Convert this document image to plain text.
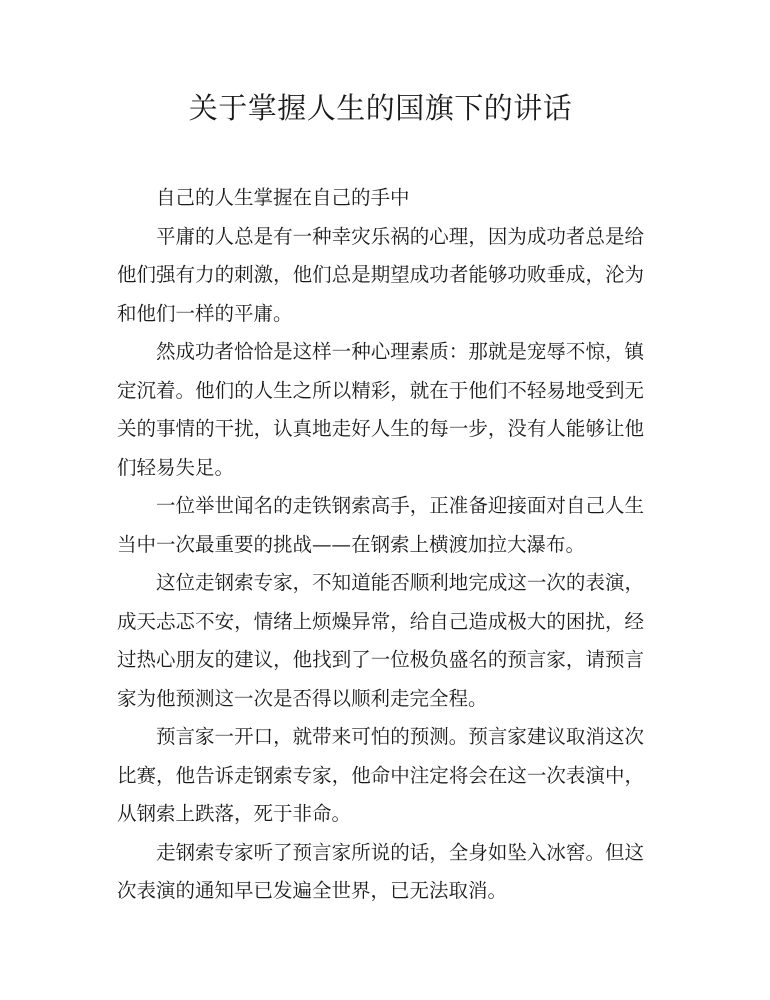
关于掌握人生的国旗下的讲话

自己的人生掌握在自己的手中

平庸的人总是有一种幸灾乐祸的心理，因为成功者总是给他们强有力的刺激，他们总是期望成功者能够功败垂成，沦为和他们一样的平庸。

然成功者恰恰是这样一种心理素质：那就是宠辱不惊，镇定沉着。他们的人生之所以精彩，就在于他们不轻易地受到无关的事情的干扰，认真地走好人生的每一步，没有人能够让他们轻易失足。

一位举世闻名的走铁钢索高手，正准备迎接面对自己人生当中一次最重要的挑战——在钢索上横渡加拉大瀑布。

这位走钢索专家，不知道能否顺利地完成这一次的表演，成天忐忑不安，情绪上烦燥异常，给自己造成极大的困扰，经过热心朋友的建议，他找到了一位极负盛名的预言家，请预言家为他预测这一次是否得以顺利走完全程。

预言家一开口，就带来可怕的预测。预言家建议取消这次比赛，他告诉走钢索专家，他命中注定将会在这一次表演中，从钢索上跌落，死于非命。

走钢索专家听了预言家所说的话，全身如坠入冰窖。但这次表演的通知早已发遍全世界，已无法取消。
